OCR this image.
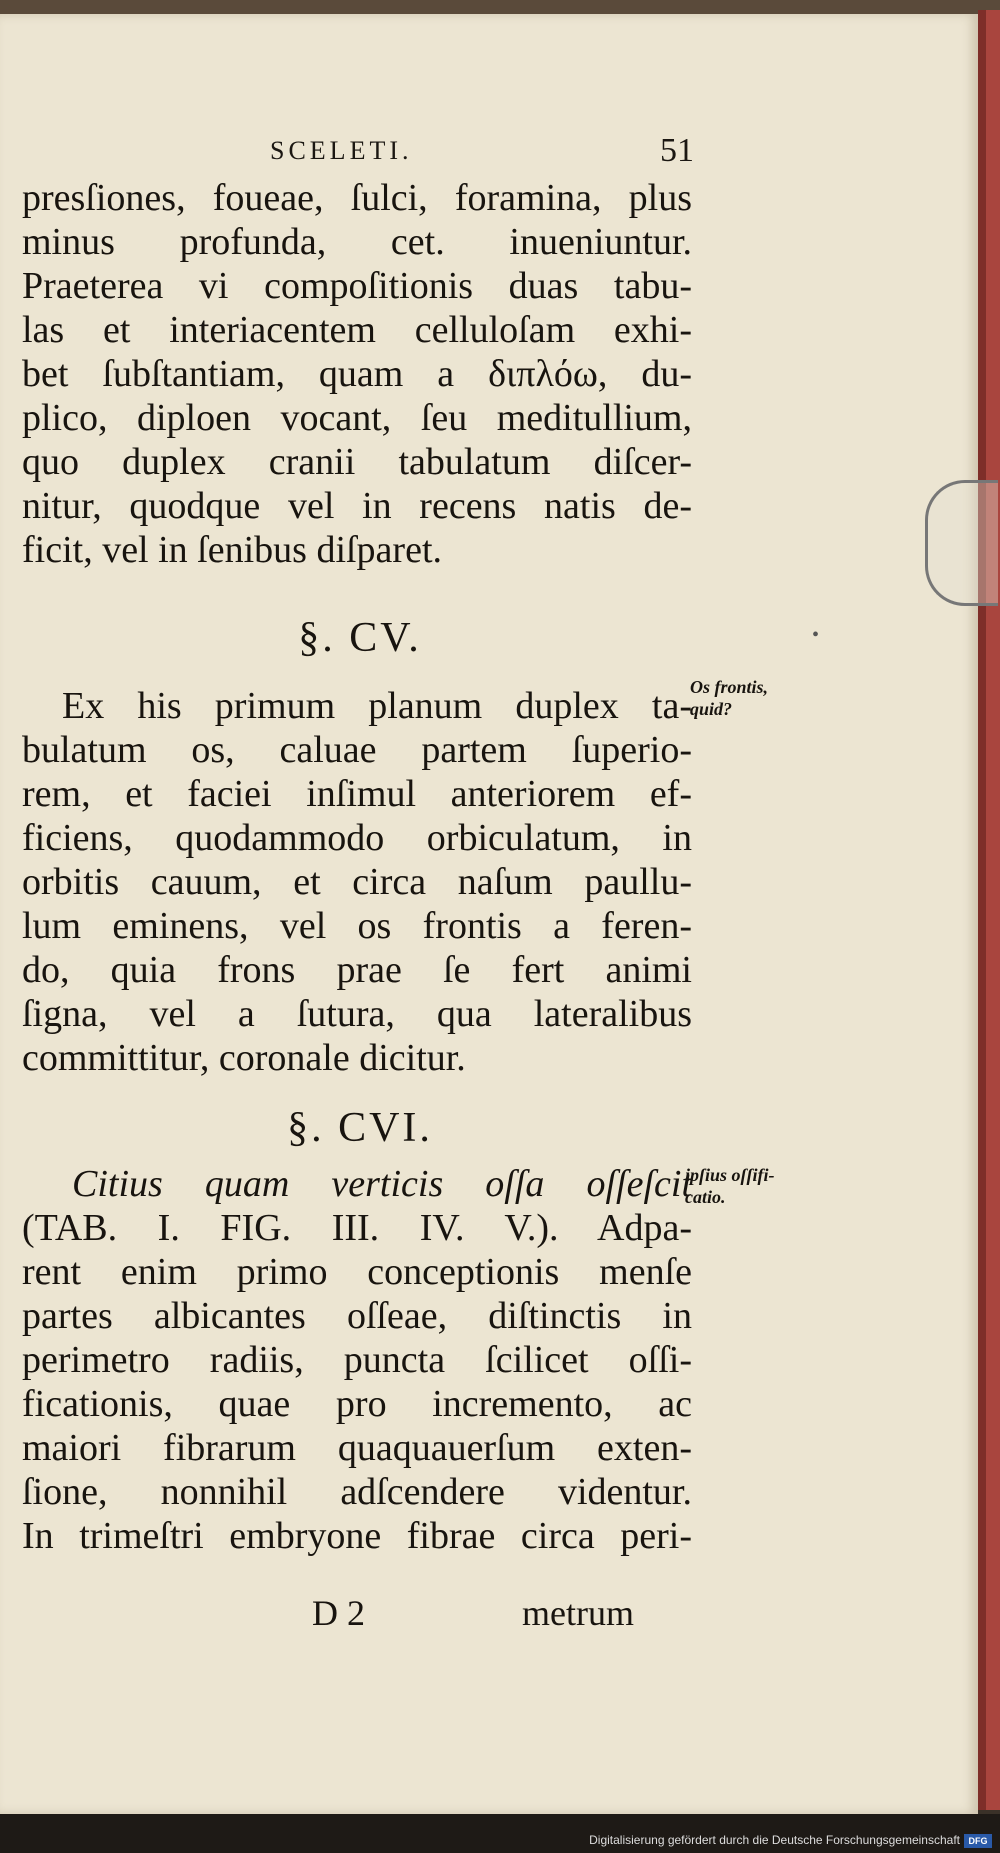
SCELETI.	51
presſiones, foueae, ſulci, foramina, plus
minus profunda, cet. inueniuntur.
Praeterea vi compoſitionis duas tabu-
las et interiacentem celluloſam exhi-
bet ſubſtantiam, quam a διπλόω, du-
plico, diploen vocant, ſeu meditullium,
quo duplex cranii tabulatum diſcer-
nitur, quodque vel in recens natis de-
ficit, vel in ſenibus diſparet.
§. CV.
Ex his primum planum duplex ta-
bulatum os, caluae partem ſuperio-
rem, et faciei inſimul anteriorem ef-
ficiens, quodammodo orbiculatum, in
orbitis cauum, et circa naſum paullu-
lum eminens, vel os frontis a feren-
do, quia frons prae ſe fert animi
ſigna, vel a ſutura, qua lateralibus
committitur, coronale dicitur.
Os frontis,
quid?
§. CVI.
Citius quam verticis oſſa oſſeſcit
(TAB. I. FIG. III. IV. V.). Adpa-
rent enim primo conceptionis menſe
partes albicantes oſſeae, diſtinctis in
perimetro radiis, puncta ſcilicet oſſi-
ficationis, quae pro incremento, ac
maiori fibrarum quaquauerſum exten-
ſione, nonnihil adſcendere videntur.
In trimeſtri embryone fibrae circa peri-
ipſius oſſifi-
catio.
D 2	metrum
•
Digitalisierung gefördert durch die Deutsche Forschungsgemeinschaft DFG
